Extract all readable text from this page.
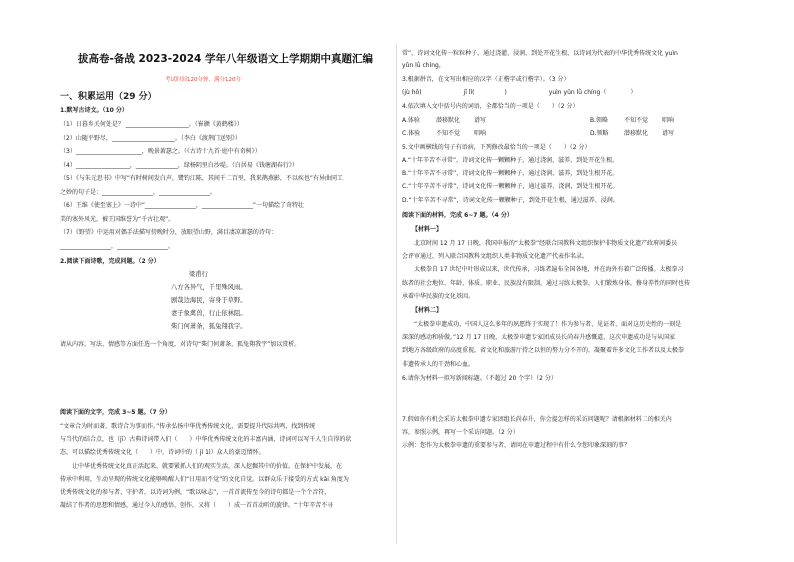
拔高卷-备战 2023-2024 学年八年级语文上学期期中真题汇编
考试时间120分钟，满分120分
一、积累运用（29 分）
1.默写古诗文。（10 分）
（1）日暮乡关何处是？ _____________________。（崔颢《黄鹤楼》）
（2）山随平野尽，_____________________。（李白《渡荆门送别》）
（3）______________________，晚景萧瑟之。（《古诗十九首·庭中有奇树》）
（4）__________________，______________，绿杨阴里白沙堤。（白居易《钱塘湖春行》）
（5）《与朱元思书》中写“有时树间发白声，鹭钓江陈，其间千二百里，我来鹊燕影，不以疾也”有异曲同工
之妙的句子是：_________________，_________________。
（6）王维《使至塞上》一诗中“_________________，_________________”一句描绘了奇特壮
美的塞外风光，被王国维誉为“千古壮观”。
（7）《野望》中运用对偶手法描写傍晚时分，放眼望山野，满目凄凉萧瑟的诗句：
_________________，_________________。
2.阅读下面诗歌，完成问题。（2 分）
梁甫行
八方各异气，千里殊风雨。
剧哉边海民，寄身于草野。
妻子象禽兽，行止依林阻。
柴门何萧条，狐兔翔我宇。
请从内容、写法、情感等方面任选一个角度，对诗句“柴门何萧条，狐兔翔我宇”加以赏析。
阅读下面的文字，完成 3~5 题。（7 分）
“文章合为时而著，歌诗合为事而作。”传承弘扬中华优秀传统文化，需要提升代际共鸣、找到传统
与当代的结合点，也（jī）古典诗词带入们（　　）中华优秀传统文化的丰富内涵，诗词可以写千人生自得的状
态，可以描绘优秀传统文化（　　）中，诗词中的（ jì 1ì）众人的豪迈情怀。
　　让中华优秀传统文化真正活起来，就要紧抓人们的观实生活，深入挖掘其中的价值。在保护中发展、在
传承中利用，生动呈现的传统文化能够唤醒人们“日用而不觉”的文化自觉。以群众乐于接受的方式 kǎi 角度为
优秀传统文化的参与者、守护者，以诗词为例，“歌以咏志”，一首首流传至今的诗句都是一个个音符，
凝结了作者的思想和情感，通过今人的感悟、创作，又将（　　）成一首首动听的旋律。“十年辛苦不寻
常”，诗词文化传一粒粒种子，通过浇灌、浸润，到处开花生根，以诗词为代表的中华优秀传统文化 yuìn
yǔn lǜ chíng，
3.根据拼音，在文写出相应的汉字（正楷字或行楷字）。（3 分）
(jù hǒ)　　　　　　　jī lǐ(　　　　　)　　　　　　　yuìn yǔn lǜ chíng（　　　　）
4.依次填入文中括号内的词语，全都恰当的一项是（　　）（2 分）
A.体验	潜移默化 谱写	B.领略	不知不觉 唱响
C.体验	不知不觉 唱响	D.领略	潜移默化 谱写
5.文中画横线的句子有语病，下列修改最恰当的一项是（　　）（2 分）
A.“十年辛苦不寻常”，诗词文化传一颗颗种子，通过浇润、滋养，到处开花生根。
B.“十年辛苦不寻常”，诗词文化传一颗颗种子，通过浇润、滋养，到处生根开花。
C.“十年辛苦不寻常”，诗词文化传一颗颗种子，通过滋养、浇润，到处生根开花。
D.“十年辛苦不寻常”，诗词文化传一颗颗种子，到处开花生根，通过滋养、浸润。
阅读下面的材料，完成 6~7 题。（4 分）
【材料一】
　　北京时间 12 月 17 日晚，我国申报的“太极拳”经联合国教科文组织保护非物质文化遗产政府间委员
会评审通过，列入联合国教科文组织人类非物质文化遗产代表作名录。
　　太极拳自 17 世纪中叶形成以来，世代传承，习练者遍布全国各地，并在海外有着广泛传播。太极拳习
练者的社会地位、年龄、体质、职业、民族没有限制。通过习练太极拳，人们锻炼身体，修身养性的同时也传
承着中华民族的文化基因。
【材料二】
　　“太极拳申遗成功，中国人这么多年的夙愿终于实现了！作为参与者、见证者，面对这历史性的一刻是
深深的感动和骄傲。”12 月 17 日晚，太极拳申遗专家团成员长尚春升感慨道，这次申遗成功是与从国家
到地方各级政府的高度重视，省文化和旅游厅持之以恒的努力分不开的，凝聚着许多文化工作者以及太极拳
非遗传承人的干劲和心血。
6.请你为材料一拟写新闻标题。（不超过 20 个字）（2 分）
7.假如你有机会采访太极拳申遗专家团组长尚春升，你会提怎样的采访问题呢？请根据材料二的相关内
容，参照示例，再写一个采访问题。（2 分）
示例：您作为太极拳申遗的重要参与者，请问在申遗过程中有什么令您印象深刻的事？
